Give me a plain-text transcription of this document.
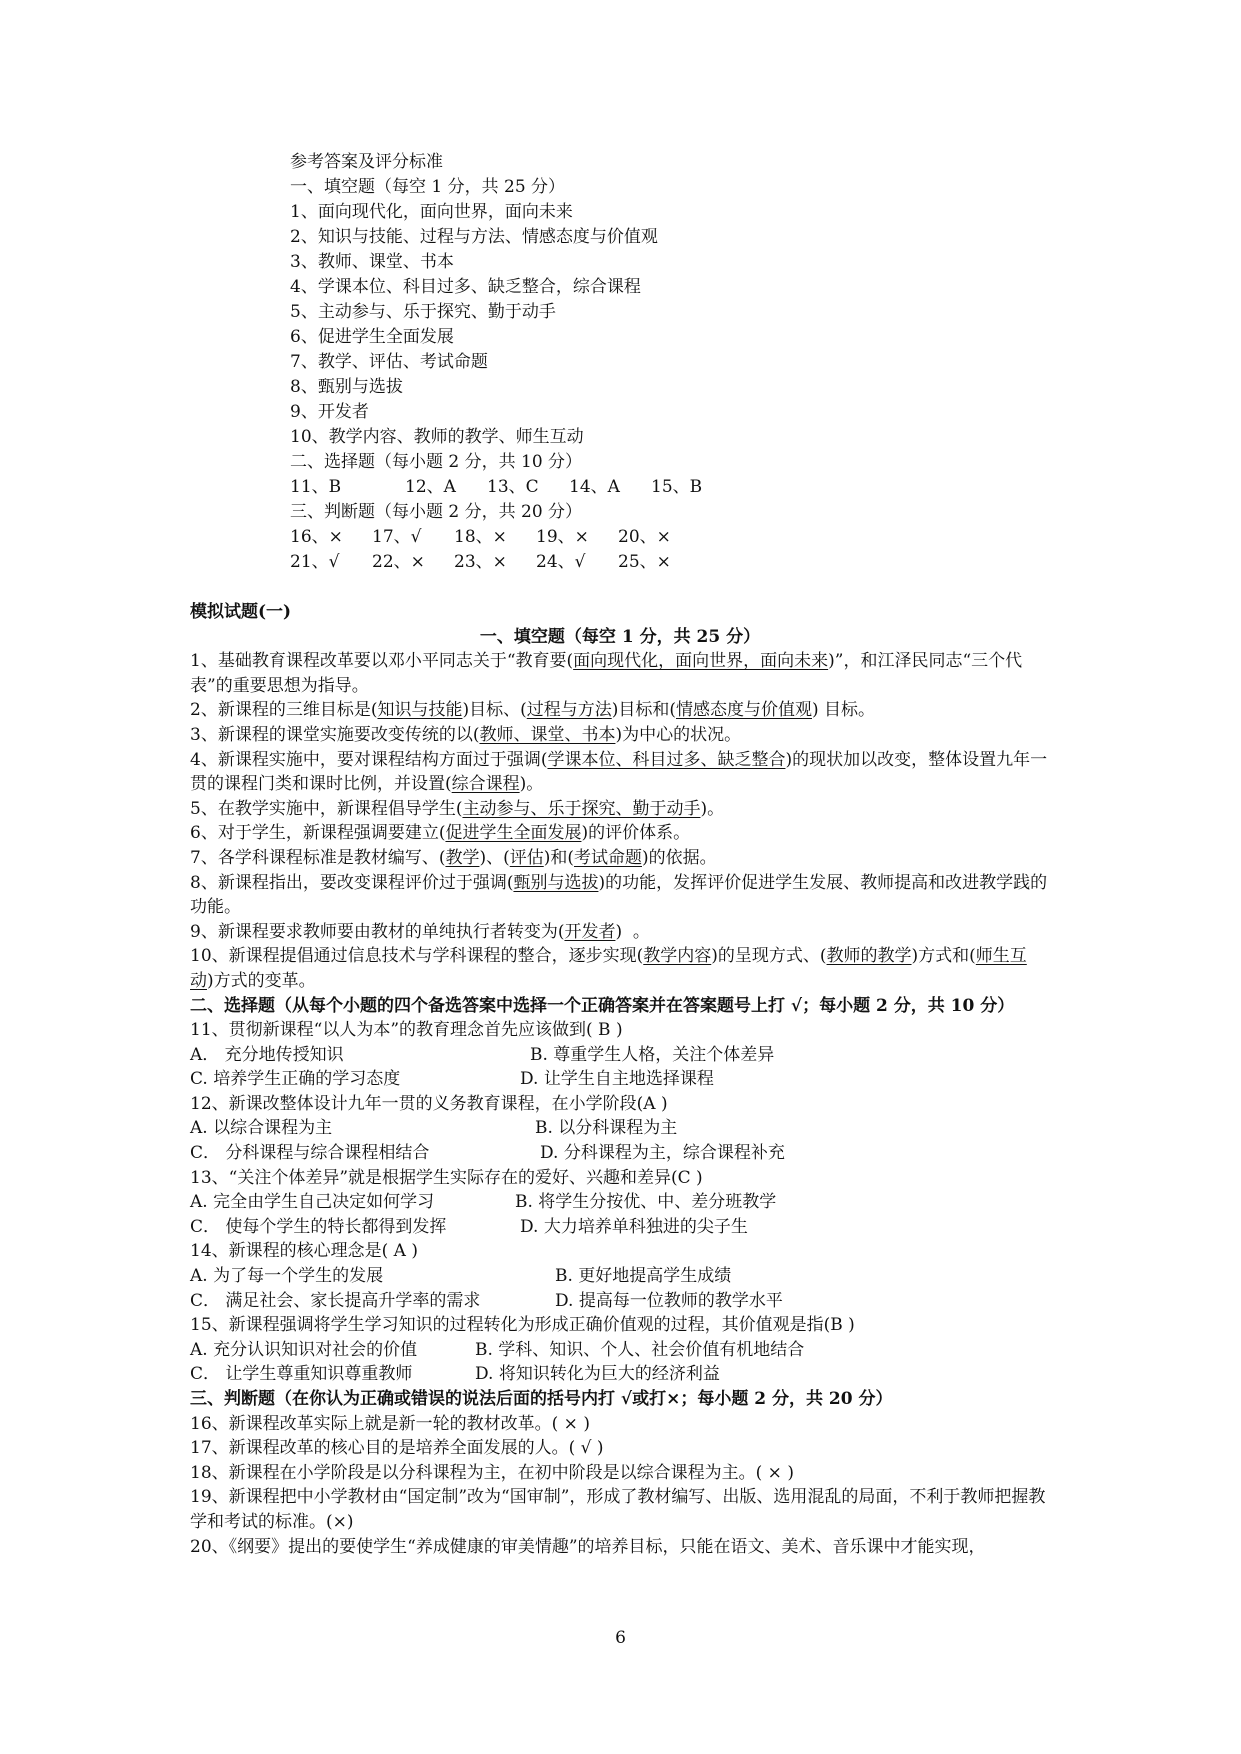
参考答案及评分标准
一、填空题（每空 1 分，共 25 分）
1、面向现代化，面向世界，面向未来
2、知识与技能、过程与方法、情感态度与价值观
3、教师、课堂、书本
4、学课本位、科目过多、缺乏整合，综合课程
5、主动参与、乐于探究、勤于动手
6、促进学生全面发展
7、教学、评估、考试命题
8、甄别与选拔
9、开发者
10、教学内容、教师的教学、师生互动
二、选择题（每小题 2 分，共 10 分）
11、B	12、A 13、C 14、A 15、B
三、判断题（每小题 2 分，共 20 分）
16、× 17、√ 18、× 19、× 20、×
21、√ 22、× 23、× 24、√ 25、×
模拟试题(一)
一、填空题（每空 1 分，共 25 分）
1、基础教育课程改革要以邓小平同志关于“教育要(面向现代化，面向世界，面向未来)”，和江泽民同志“三个代表”的重要思想为指导。
2、新课程的三维目标是(知识与技能)目标、(过程与方法)目标和(情感态度与价值观) 目标。
3、新课程的课堂实施要改变传统的以(教师、课堂、书本)为中心的状况。
4、新课程实施中，要对课程结构方面过于强调(学课本位、科目过多、缺乏整合)的现状加以改变，整体设置九年一贯的课程门类和课时比例，并设置(综合课程)。
5、在教学实施中，新课程倡导学生(主动参与、乐于探究、勤于动手)。
6、对于学生，新课程强调要建立(促进学生全面发展)的评价体系。
7、各学科课程标准是教材编写、(教学)、(评估)和(考试命题)的依据。
8、新课程指出，要改变课程评价过于强调(甄别与选拔)的功能，发挥评价促进学生发展、教师提高和改进教学践的功能。
9、新课程要求教师要由教材的单纯执行者转变为(开发者)  。
10、新课程提倡通过信息技术与学科课程的整合，逐步实现(教学内容)的呈现方式、(教师的教学)方式和(师生互动)方式的变革。
二、选择题（从每个小题的四个备选答案中选择一个正确答案并在答案题号上打 √；每小题 2 分，共 10 分）
11、贯彻新课程“以人为本”的教育理念首先应该做到( B )
A． 充分地传授知识	B. 尊重学生人格，关注个体差异
C. 培养学生正确的学习态度	D. 让学生自主地选择课程
12、新课改整体设计九年一贯的义务教育课程，在小学阶段(A )
A. 以综合课程为主	B. 以分科课程为主
C． 分科课程与综合课程相结合	D. 分科课程为主，综合课程补充
13、“关注个体差异”就是根据学生实际存在的爱好、兴趣和差异(C )
A. 完全由学生自己决定如何学习	B. 将学生分按优、中、差分班教学
C． 使每个学生的特长都得到发挥	D. 大力培养单科独进的尖子生
14、新课程的核心理念是( A )
A. 为了每一个学生的发展	B. 更好地提高学生成绩
C． 满足社会、家长提高升学率的需求	D. 提高每一位教师的教学水平
15、新课程强调将学生学习知识的过程转化为形成正确价值观的过程，其价值观是指(B )
A. 充分认识知识对社会的价值	B. 学科、知识、个人、社会价值有机地结合
C． 让学生尊重知识尊重教师	D. 将知识转化为巨大的经济利益
三、判断题（在你认为正确或错误的说法后面的括号内打 √或打×；每小题 2 分，共 20 分）
16、新课程改革实际上就是新一轮的教材改革。( × )
17、新课程改革的核心目的是培养全面发展的人。( √ )
18、新课程在小学阶段是以分科课程为主，在初中阶段是以综合课程为主。( × )
19、新课程把中小学教材由“国定制”改为“国审制”，形成了教材编写、出版、选用混乱的局面，不利于教师把握教学和考试的标准。(×)
20、《纲要》提出的要使学生“养成健康的审美情趣”的培养目标，只能在语文、美术、音乐课中才能实现，
6
